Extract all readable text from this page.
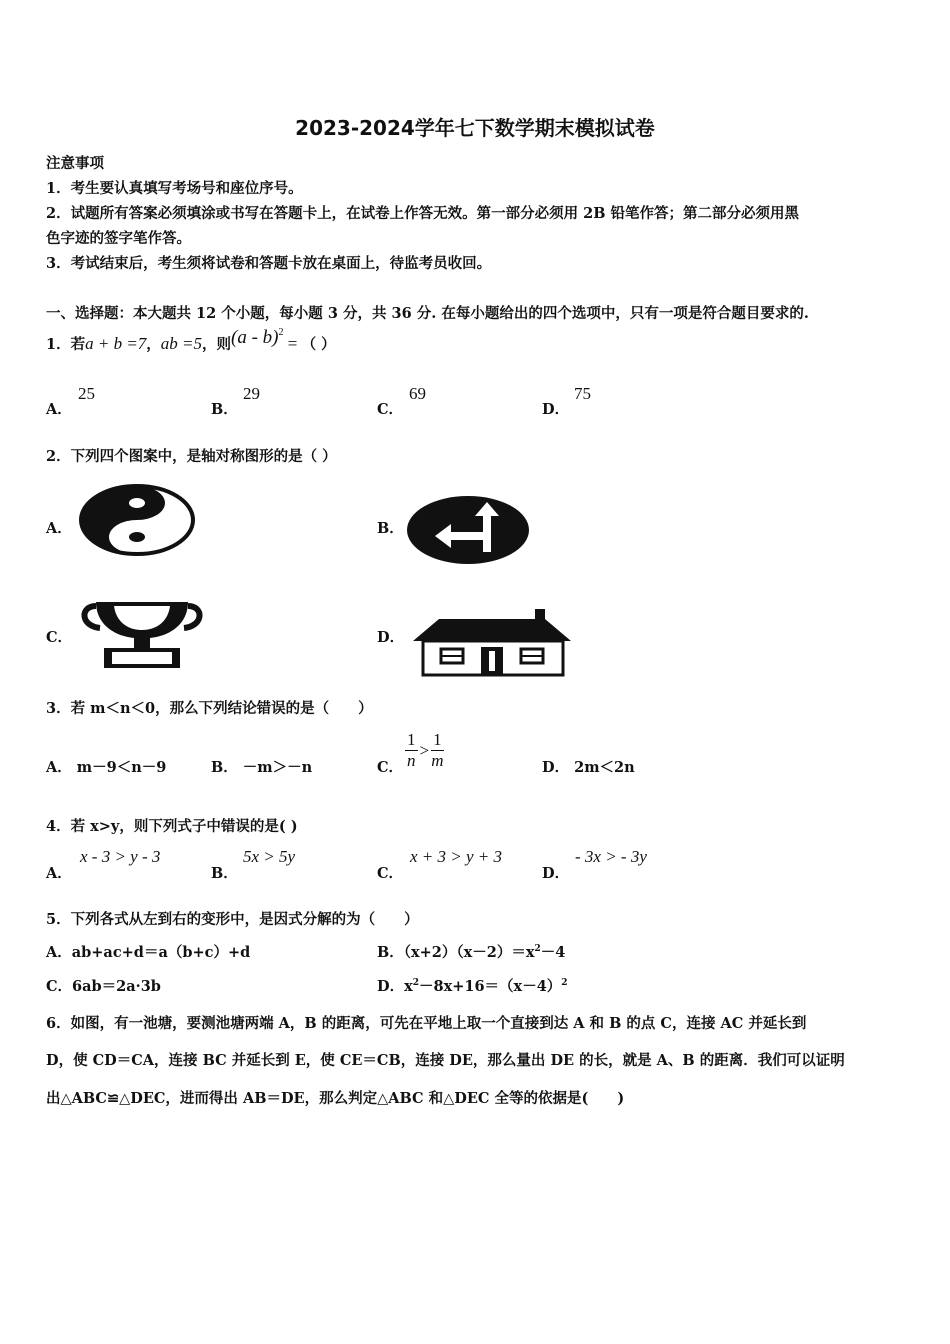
2023-2024学年七下数学期末模拟试卷
注意事项
1．考生要认真填写考场号和座位序号。
2．试题所有答案必须填涂或书写在答题卡上，在试卷上作答无效。第一部分必须用 2B 铅笔作答；第二部分必须用黑
色字迹的签字笔作答。
3．考试结束后，考生须将试卷和答题卡放在桌面上，待监考员收回。
一、选择题：本大题共 12 个小题，每小题 3 分，共 36 分. 在每小题给出的四个选项中，只有一项是符合题目要求的.
1．若a + b =7，ab =5，则(a - b)$^2$ = （ ）
A．
25
B．
29
C．
69
D．
75
2．下列四个图案中，是轴对称图形的是（ ）
A．	B．
C．	D．
3．若 m＜n＜0，那么下列结论错误的是（　　）
A． m－9＜n－9	B． －m＞－n	C． $\frac{1}{n} > \frac{1}{m}$	D． 2m＜2n
4．若 x>y，则下列式子中错误的是( )
A．
x - 3 > y - 3
B．
5x > 5y
C．
x + 3 > y + 3
D．
- 3x > - 3y
5．下列各式从左到右的变形中，是因式分解的为（　　）
A．ab+ac+d＝a（b+c）+d	B．$(x+2)(x-2)=x^2-4$
C．6ab＝2a·3b	D．$x^2-8x+16=(x-4)^2$
6．如图，有一池塘，要测池塘两端 A，B 的距离，可先在平地上取一个直接到达 A 和 B 的点 C，连接 AC 并延长到
D，使 CD＝CA，连接 BC 并延长到 E，使 CE＝CB，连接 DE，那么量出 DE 的长，就是 A、B 的距离．我们可以证明
出△ABC≌△DEC，进而得出 AB＝DE，那么判定△ABC 和△DEC 全等的依据是(　　)
